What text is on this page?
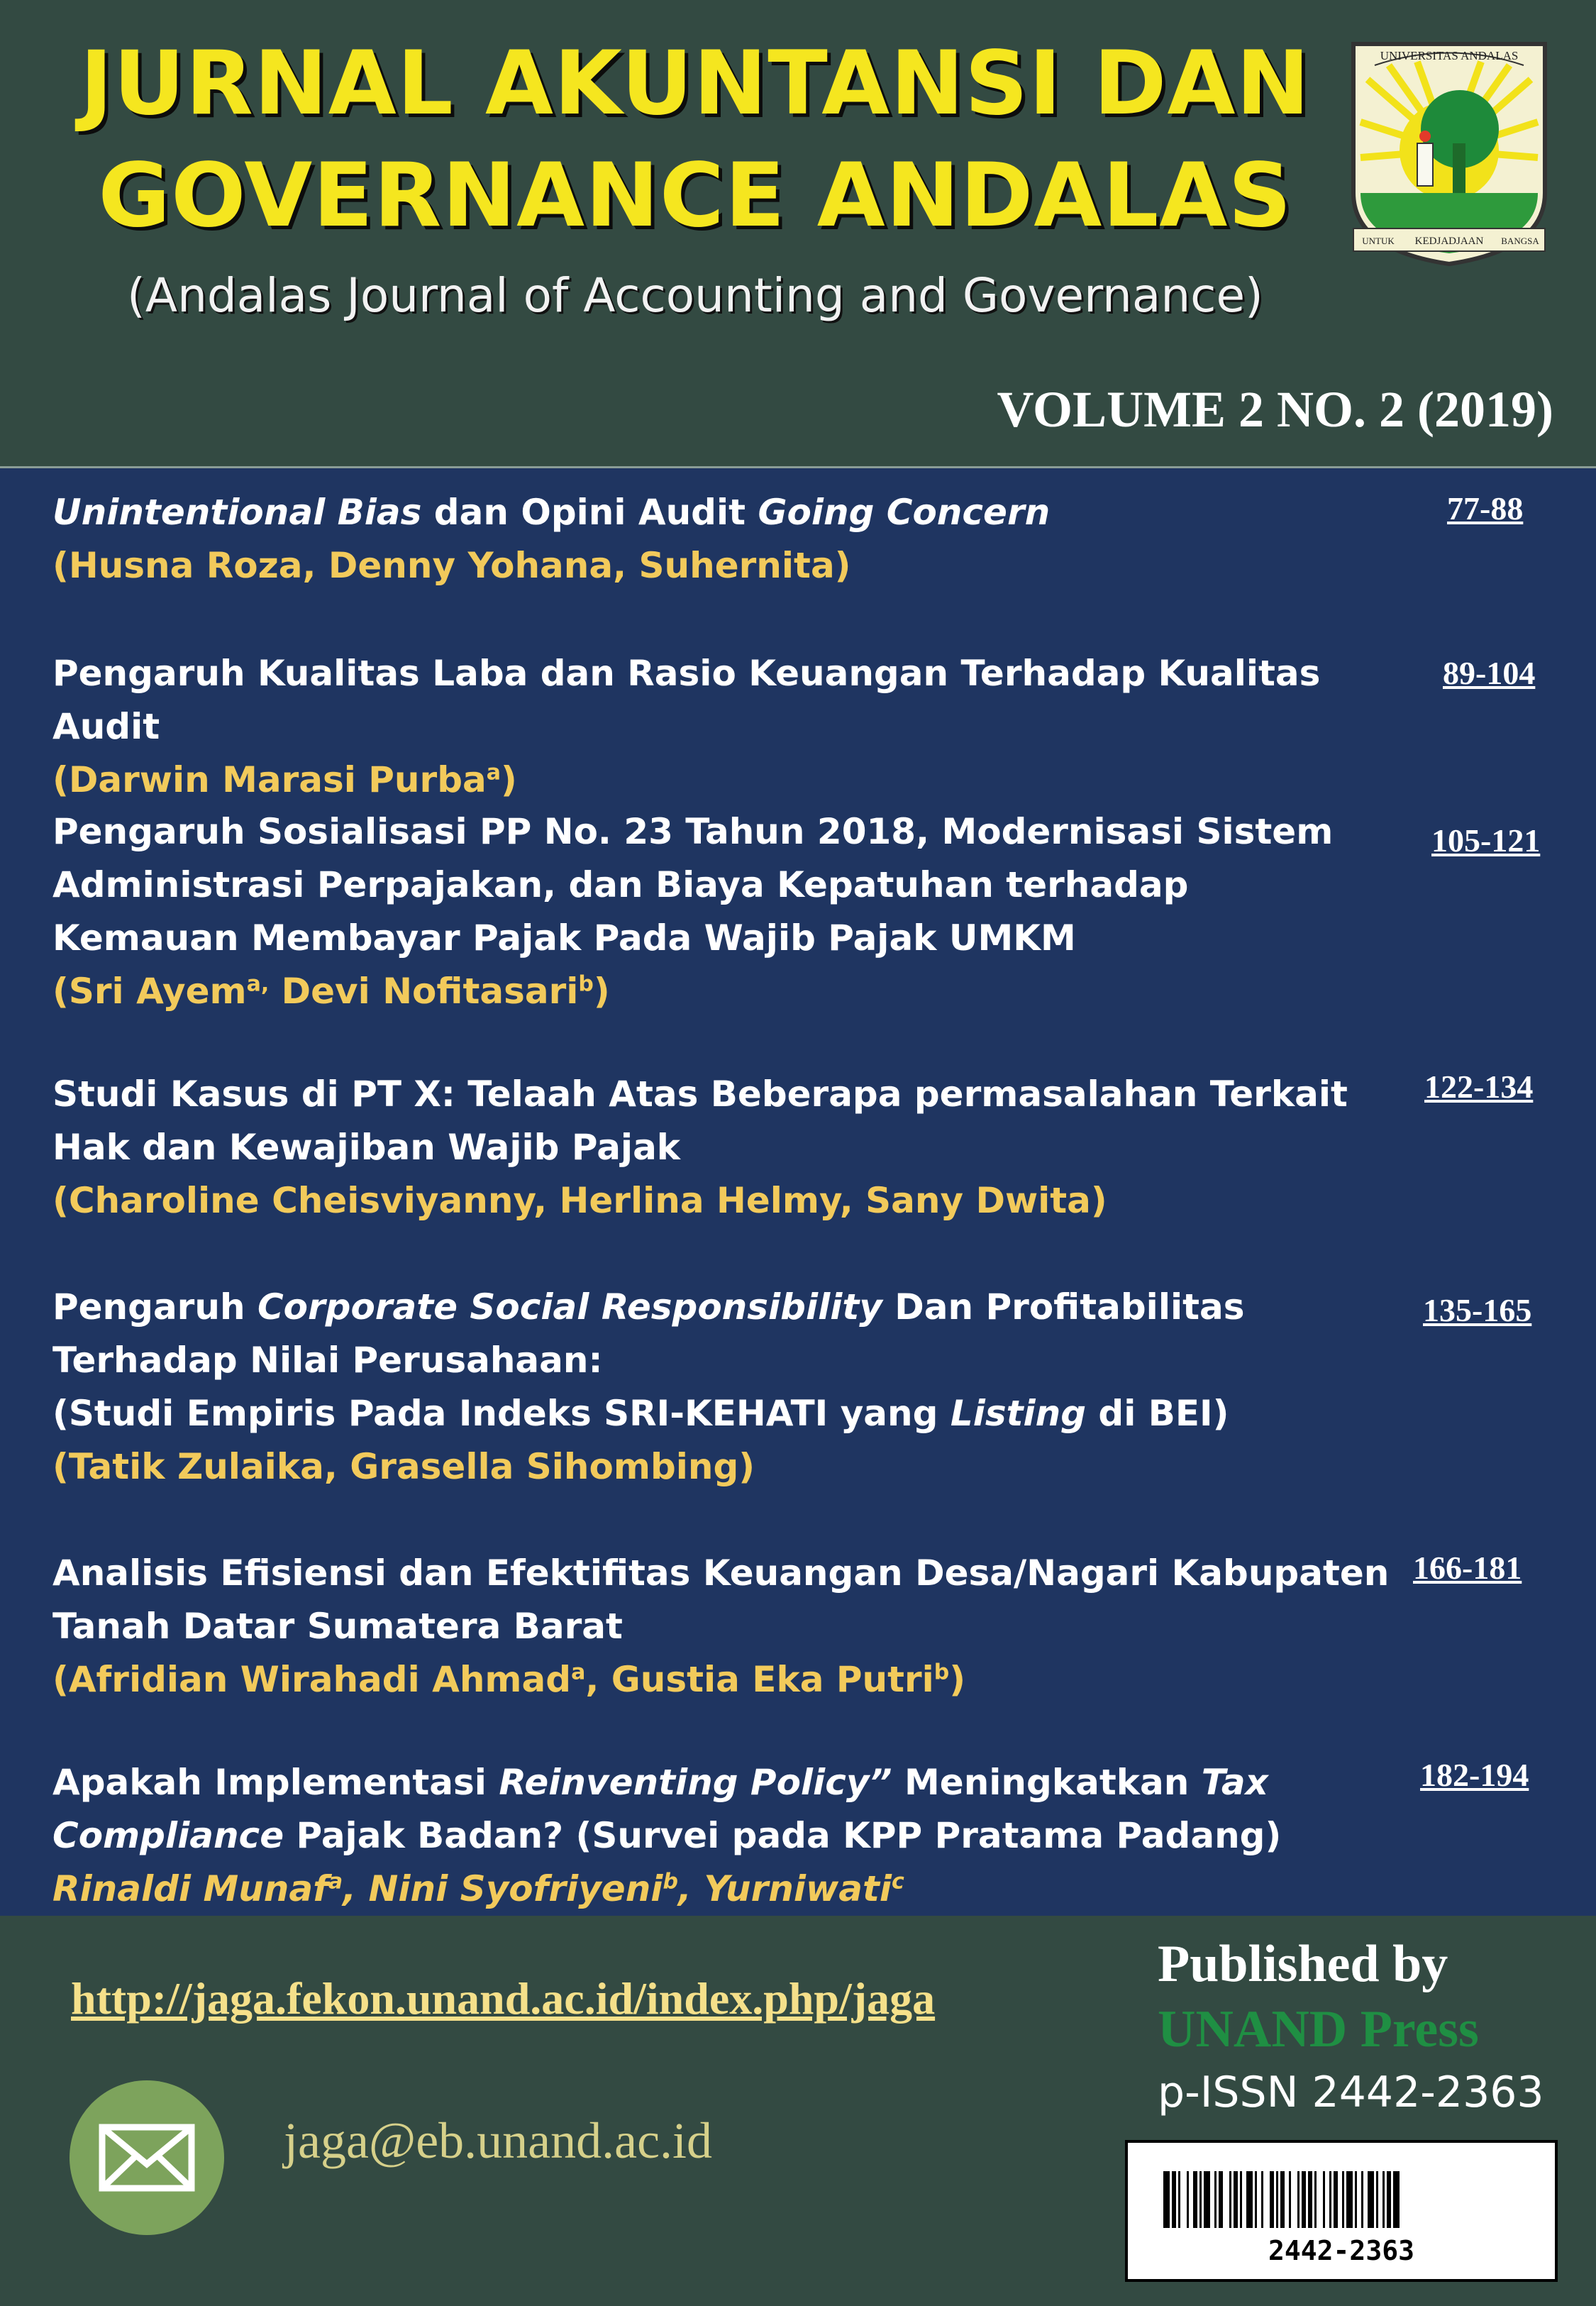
JURNAL AKUNTANSI DAN
GOVERNANCE ANDALAS
(Andalas Journal of Accounting and Governance)
VOLUME 2 NO. 2 (2019)
UNIVERSITAS ANDALAS
UNTUK KEDJADJAAN BANGSA

Unintentional Bias dan Opini Audit Going Concern

(Husna Roza, Denny Yohana, Suhernita)
77-88

Pengaruh Kualitas Laba dan Rasio Keuangan Terhadap Kualitas Audit

(Darwin Marasi Purba$^a$)
89-104

Pengaruh Sosialisasi PP No. 23 Tahun 2018, Modernisasi Sistem Administrasi Perpajakan, dan Biaya Kepatuhan terhadap Kemauan Membayar Pajak Pada Wajib Pajak UMKM

(Sri Ayem$^{a,}$ Devi Nofitasari$^b$)
105-121

Studi Kasus di PT X: Telaah Atas Beberapa permasalahan Terkait Hak dan Kewajiban Wajib Pajak

(Charoline Cheisviyanny, Herlina Helmy, Sany Dwita)
122-134

Pengaruh Corporate Social Responsibility Dan Profitabilitas Terhadap Nilai Perusahaan:

(Studi Empiris Pada Indeks SRI-KEHATI yang Listing di BEI)

(Tatik Zulaika, Grasella Sihombing)
135-165

Analisis Efisiensi dan Efektifitas Keuangan Desa/Nagari Kabupaten Tanah Datar Sumatera Barat

(Afridian Wirahadi Ahmad$^a$, Gustia Eka Putri$^b$)
166-181

Apakah Implementasi Reinventing Policy” Meningkatkan Tax Compliance Pajak Badan? (Survei pada KPP Pratama Padang)

Rinaldi Munaf$^a$, Nini Syofriyeni$^b$, Yurniwati$^c$
182-194
http://jaga.fekon.unand.ac.id/index.php/jaga
jaga@eb.unand.ac.id
Published by
UNAND Press
p-ISSN 2442-2363
2442-2363
